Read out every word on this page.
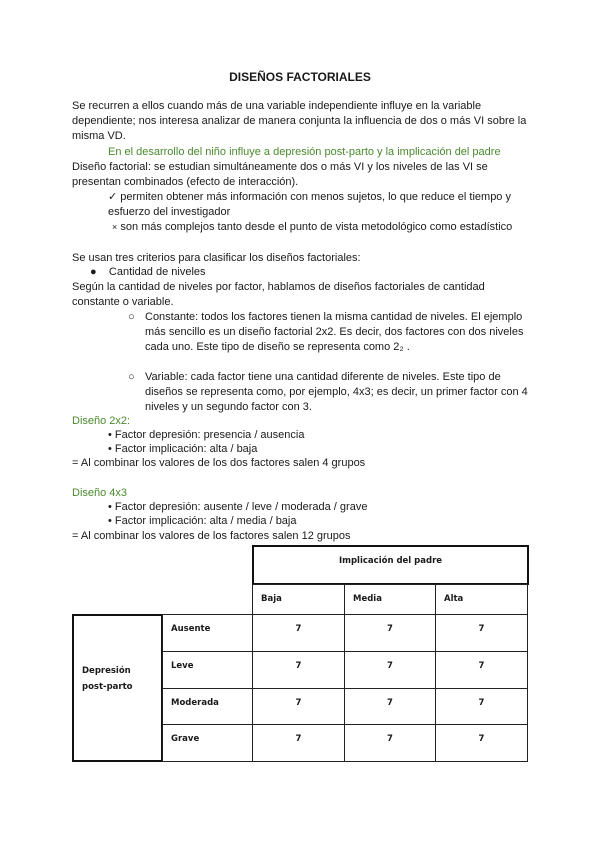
DISEÑOS FACTORIALES
Se recurren a ellos cuando más de una variable independiente influye en la variable dependiente; nos interesa analizar de manera conjunta la influencia de dos o más VI sobre la misma VD.
En el desarrollo del niño influye a depresión post-parto y la implicación del padre
Diseño factorial: se estudian simultáneamente dos o más VI y los niveles de las VI se presentan combinados (efecto de interacción).
✓ permiten obtener más información con menos sujetos, lo que reduce el tiempo y esfuerzo del investigador
× son más complejos tanto desde el punto de vista metodológico como estadístico
Se usan tres criterios para clasificar los diseños factoriales:
● Cantidad de niveles
Según la cantidad de niveles por factor, hablamos de diseños factoriales de cantidad constante o variable.
○ Constante: todos los factores tienen la misma cantidad de niveles. El ejemplo más sencillo es un diseño factorial 2x2. Es decir, dos factores con dos niveles cada uno. Este tipo de diseño se representa como 2₂ .
○ Variable: cada factor tiene una cantidad diferente de niveles. Este tipo de diseños se representa como, por ejemplo, 4x3; es decir, un primer factor con 4 niveles y un segundo factor con 3.
Diseño 2x2:
• Factor depresión: presencia / ausencia
• Factor implicación: alta / baja
= Al combinar los valores de los dos factores salen 4 grupos
Diseño 4x3
• Factor depresión: ausente / leve / moderada / grave
• Factor implicación: alta / media / baja
= Al combinar los valores de los factores salen 12 grupos
Implicación del padre
Baja	Media	Alta
Depresión post-parto
Ausente	7	7	7
Leve	7	7	7
Moderada	7	7	7
Grave	7	7	7
